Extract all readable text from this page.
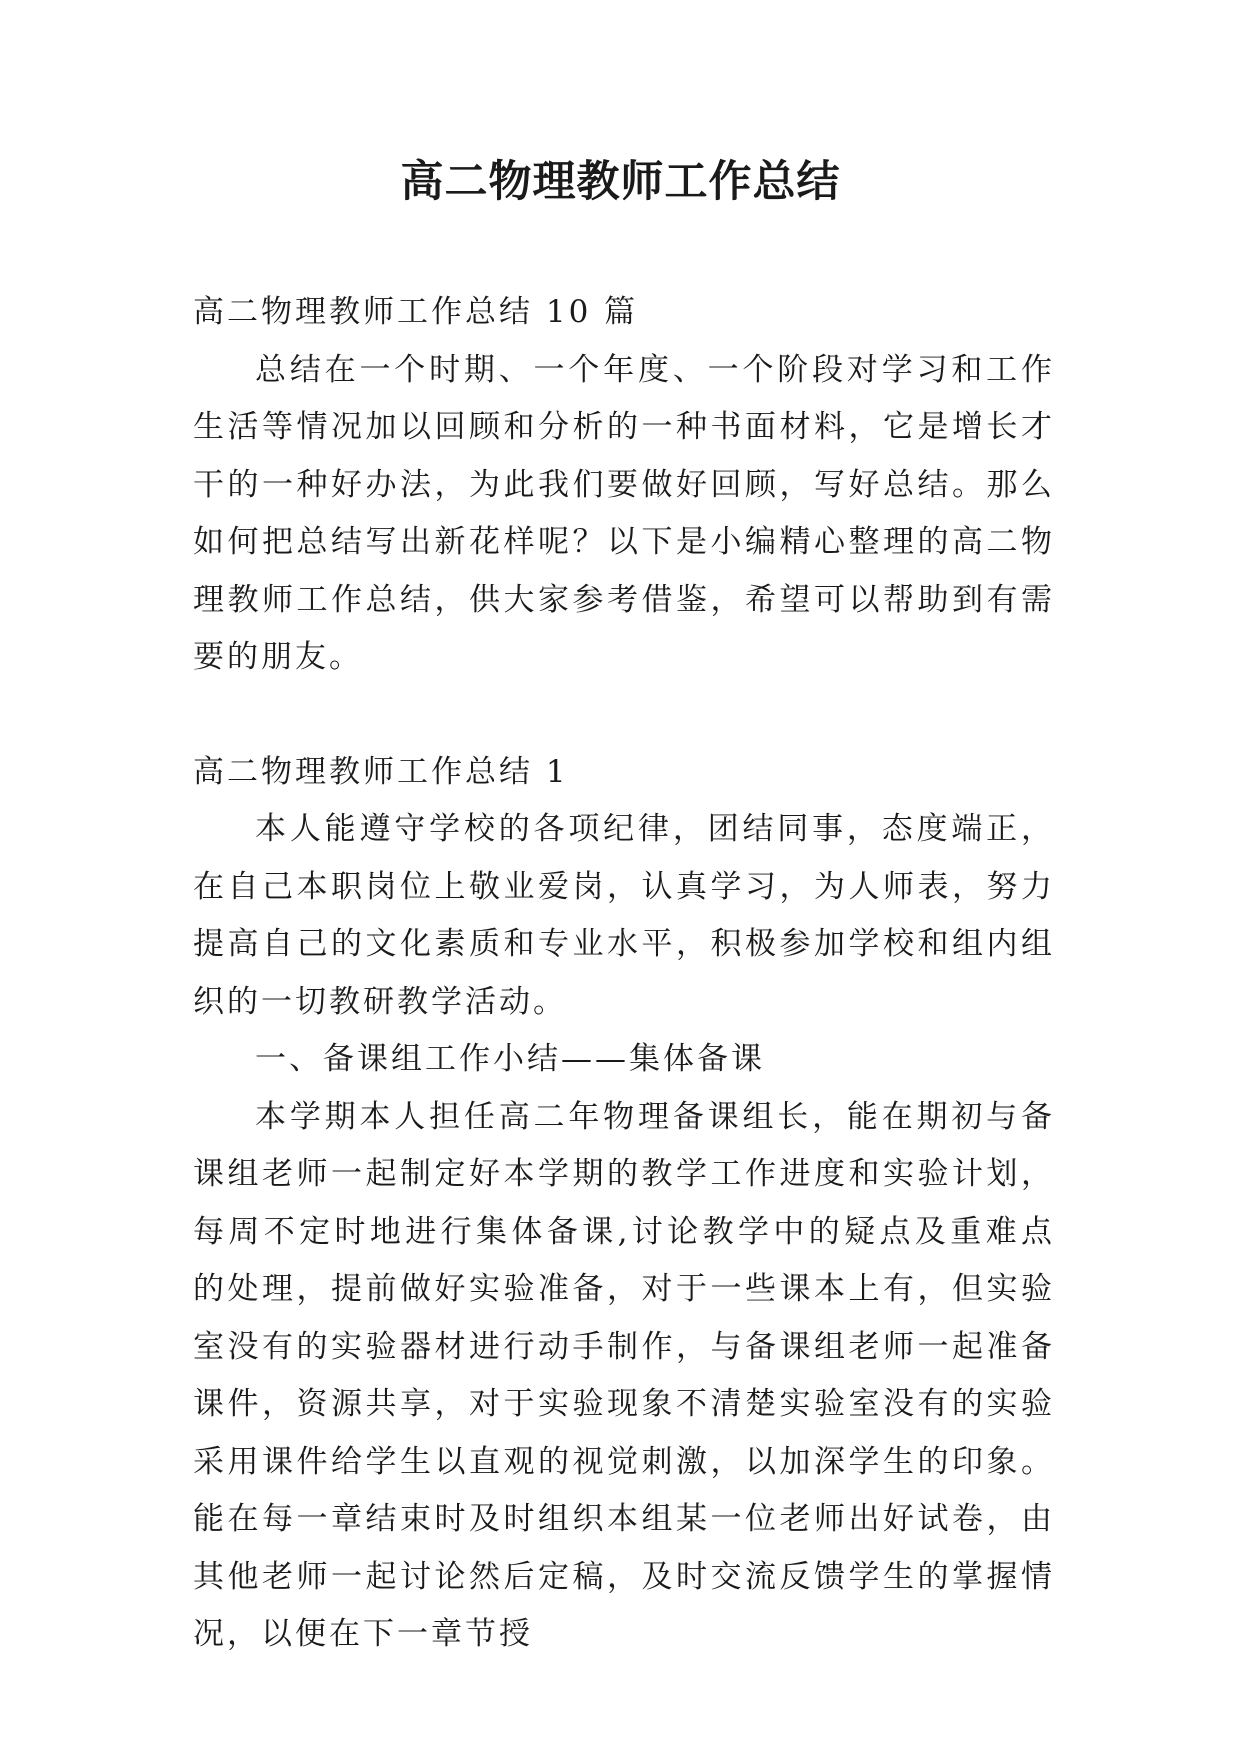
高二物理教师工作总结

高二物理教师工作总结 10 篇

总结在一个时期、一个年度、一个阶段对学习和工作生活等情况加以回顾和分析的一种书面材料，它是增长才干的一种好办法，为此我们要做好回顾，写好总结。那么如何把总结写出新花样呢？以下是小编精心整理的高二物理教师工作总结，供大家参考借鉴，希望可以帮助到有需要的朋友。

高二物理教师工作总结 1

本人能遵守学校的各项纪律，团结同事，态度端正，在自己本职岗位上敬业爱岗，认真学习，为人师表，努力提高自己的文化素质和专业水平，积极参加学校和组内组织的一切教研教学活动。

一、备课组工作小结——集体备课

本学期本人担任高二年物理备课组长，能在期初与备课组老师一起制定好本学期的教学工作进度和实验计划，每周不定时地进行集体备课,讨论教学中的疑点及重难点的处理，提前做好实验准备，对于一些课本上有，但实验室没有的实验器材进行动手制作，与备课组老师一起准备课件，资源共享，对于实验现象不清楚实验室没有的实验采用课件给学生以直观的视觉刺激，以加深学生的印象。能在每一章结束时及时组织本组某一位老师出好试卷，由其他老师一起讨论然后定稿，及时交流反馈学生的掌握情况，以便在下一章节授
